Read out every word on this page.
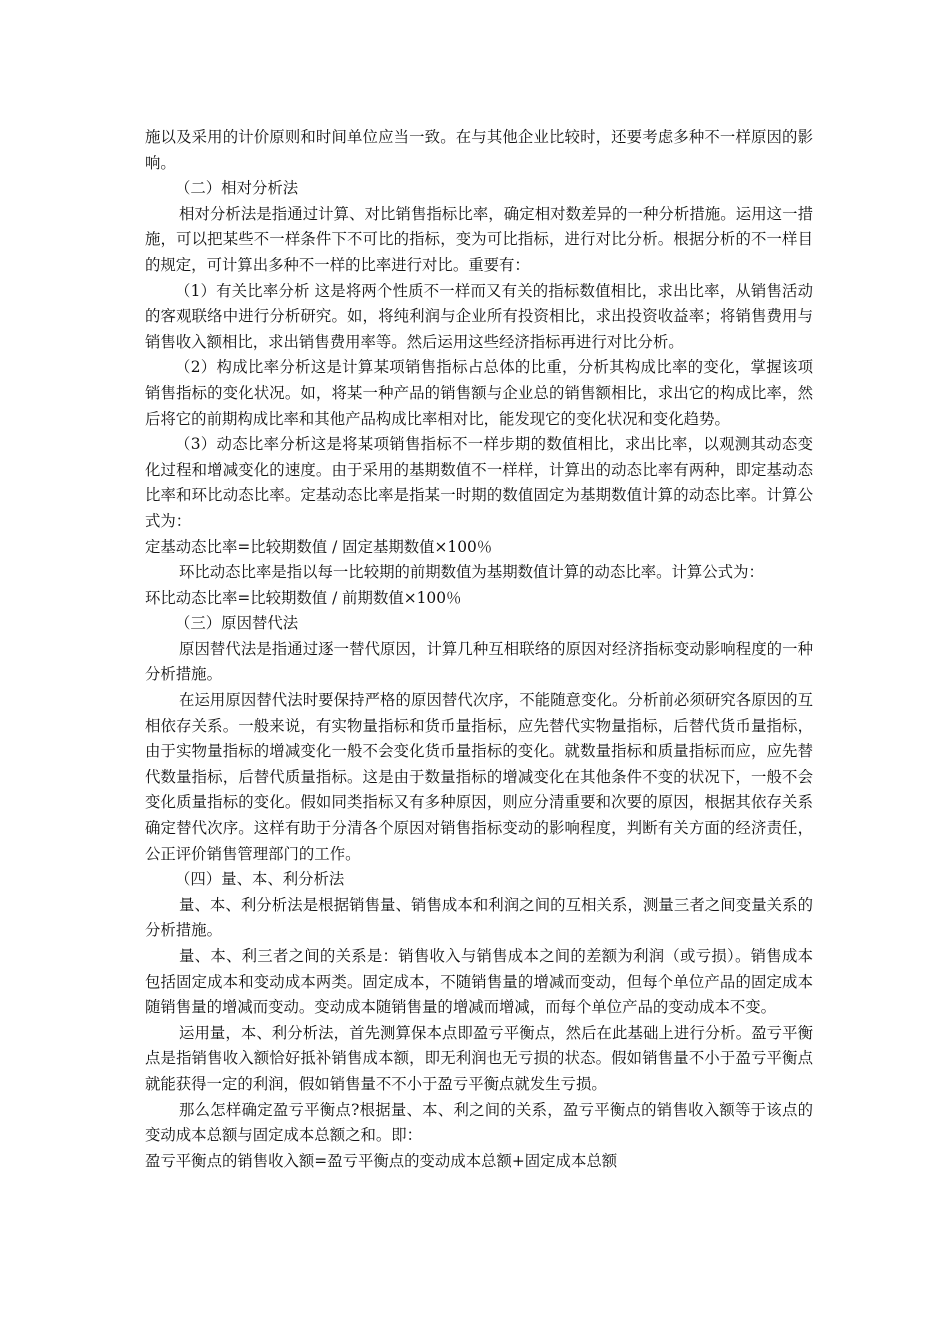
施以及采用的计价原则和时间单位应当一致。在与其他企业比较时，还要考虑多种不一样原因的影响。

（二）相对分析法

相对分析法是指通过计算、对比销售指标比率，确定相对数差异的一种分析措施。运用这一措施，可以把某些不一样条件下不可比的指标，变为可比指标，进行对比分析。根据分析的不一样目的规定，可计算出多种不一样的比率进行对比。重要有：

（1）有关比率分析 这是将两个性质不一样而又有关的指标数值相比，求出比率，从销售活动的客观联络中进行分析研究。如，将纯利润与企业所有投资相比，求出投资收益率；将销售费用与销售收入额相比，求出销售费用率等。然后运用这些经济指标再进行对比分析。

（2）构成比率分析这是计算某项销售指标占总体的比重，分析其构成比率的变化，掌握该项销售指标的变化状况。如，将某一种产品的销售额与企业总的销售额相比，求出它的构成比率，然后将它的前期构成比率和其他产品构成比率相对比，能发现它的变化状况和变化趋势。

（3）动态比率分析这是将某项销售指标不一样步期的数值相比，求出比率，以观测其动态变化过程和增减变化的速度。由于采用的基期数值不一样样，计算出的动态比率有两种，即定基动态比率和环比动态比率。定基动态比率是指某一时期的数值固定为基期数值计算的动态比率。计算公式为：

定基动态比率=比较期数值 / 固定基期数值×100％

环比动态比率是指以每一比较期的前期数值为基期数值计算的动态比率。计算公式为：

环比动态比率=比较期数值 / 前期数值×100％

（三）原因替代法

原因替代法是指通过逐一替代原因，计算几种互相联络的原因对经济指标变动影响程度的一种分析措施。

在运用原因替代法时要保持严格的原因替代次序，不能随意变化。分析前必须研究各原因的互相依存关系。一般来说，有实物量指标和货币量指标，应先替代实物量指标，后替代货币量指标，由于实物量指标的增减变化一般不会变化货币量指标的变化。就数量指标和质量指标而应，应先替代数量指标，后替代质量指标。这是由于数量指标的增减变化在其他条件不变的状况下，一般不会变化质量指标的变化。假如同类指标又有多种原因，则应分清重要和次要的原因，根据其依存关系确定替代次序。这样有助于分清各个原因对销售指标变动的影响程度，判断有关方面的经济责任，公正评价销售管理部门的工作。

（四）量、本、利分析法

量、本、利分析法是根据销售量、销售成本和利润之间的互相关系，测量三者之间变量关系的分析措施。

量、本、利三者之间的关系是：销售收入与销售成本之间的差额为利润（或亏损）。销售成本包括固定成本和变动成本两类。固定成本，不随销售量的增减而变动，但每个单位产品的固定成本随销售量的增减而变动。变动成本随销售量的增减而增减，而每个单位产品的变动成本不变。

运用量，本、利分析法，首先测算保本点即盈亏平衡点，然后在此基础上进行分析。盈亏平衡点是指销售收入额恰好抵补销售成本额，即无利润也无亏损的状态。假如销售量不小于盈亏平衡点就能获得一定的利润，假如销售量不不小于盈亏平衡点就发生亏损。

那么怎样确定盈亏平衡点?根据量、本、利之间的关系，盈亏平衡点的销售收入额等于该点的变动成本总额与固定成本总额之和。即：

盈亏平衡点的销售收入额=盈亏平衡点的变动成本总额+固定成本总额
